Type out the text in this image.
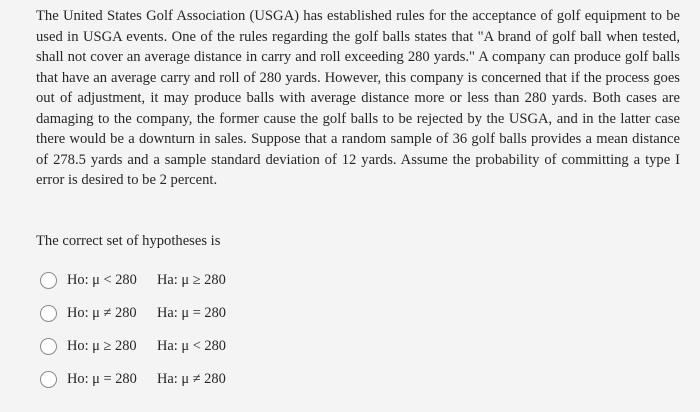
The United States Golf Association (USGA) has established rules for the acceptance of golf equipment to be used in USGA events. One of the rules regarding the golf balls states that "A brand of golf ball when tested, shall not cover an average distance in carry and roll exceeding 280 yards." A company can produce golf balls that have an average carry and roll of 280 yards. However, this company is concerned that if the process goes out of adjustment, it may produce balls with average distance more or less than 280 yards. Both cases are damaging to the company, the former cause the golf balls to be rejected by the USGA, and in the latter case there would be a downturn in sales. Suppose that a random sample of 36 golf balls provides a mean distance of 278.5 yards and a sample standard deviation of 12 yards. Assume the probability of committing a type I error is desired to be 2 percent.

The correct set of hypotheses is
Ho: μ < 280	Ha: μ ≥ 280
Ho: μ ≠ 280	Ha: μ = 280
Ho: μ ≥ 280	Ha: μ < 280
Ho: μ = 280	Ha: μ ≠ 280
